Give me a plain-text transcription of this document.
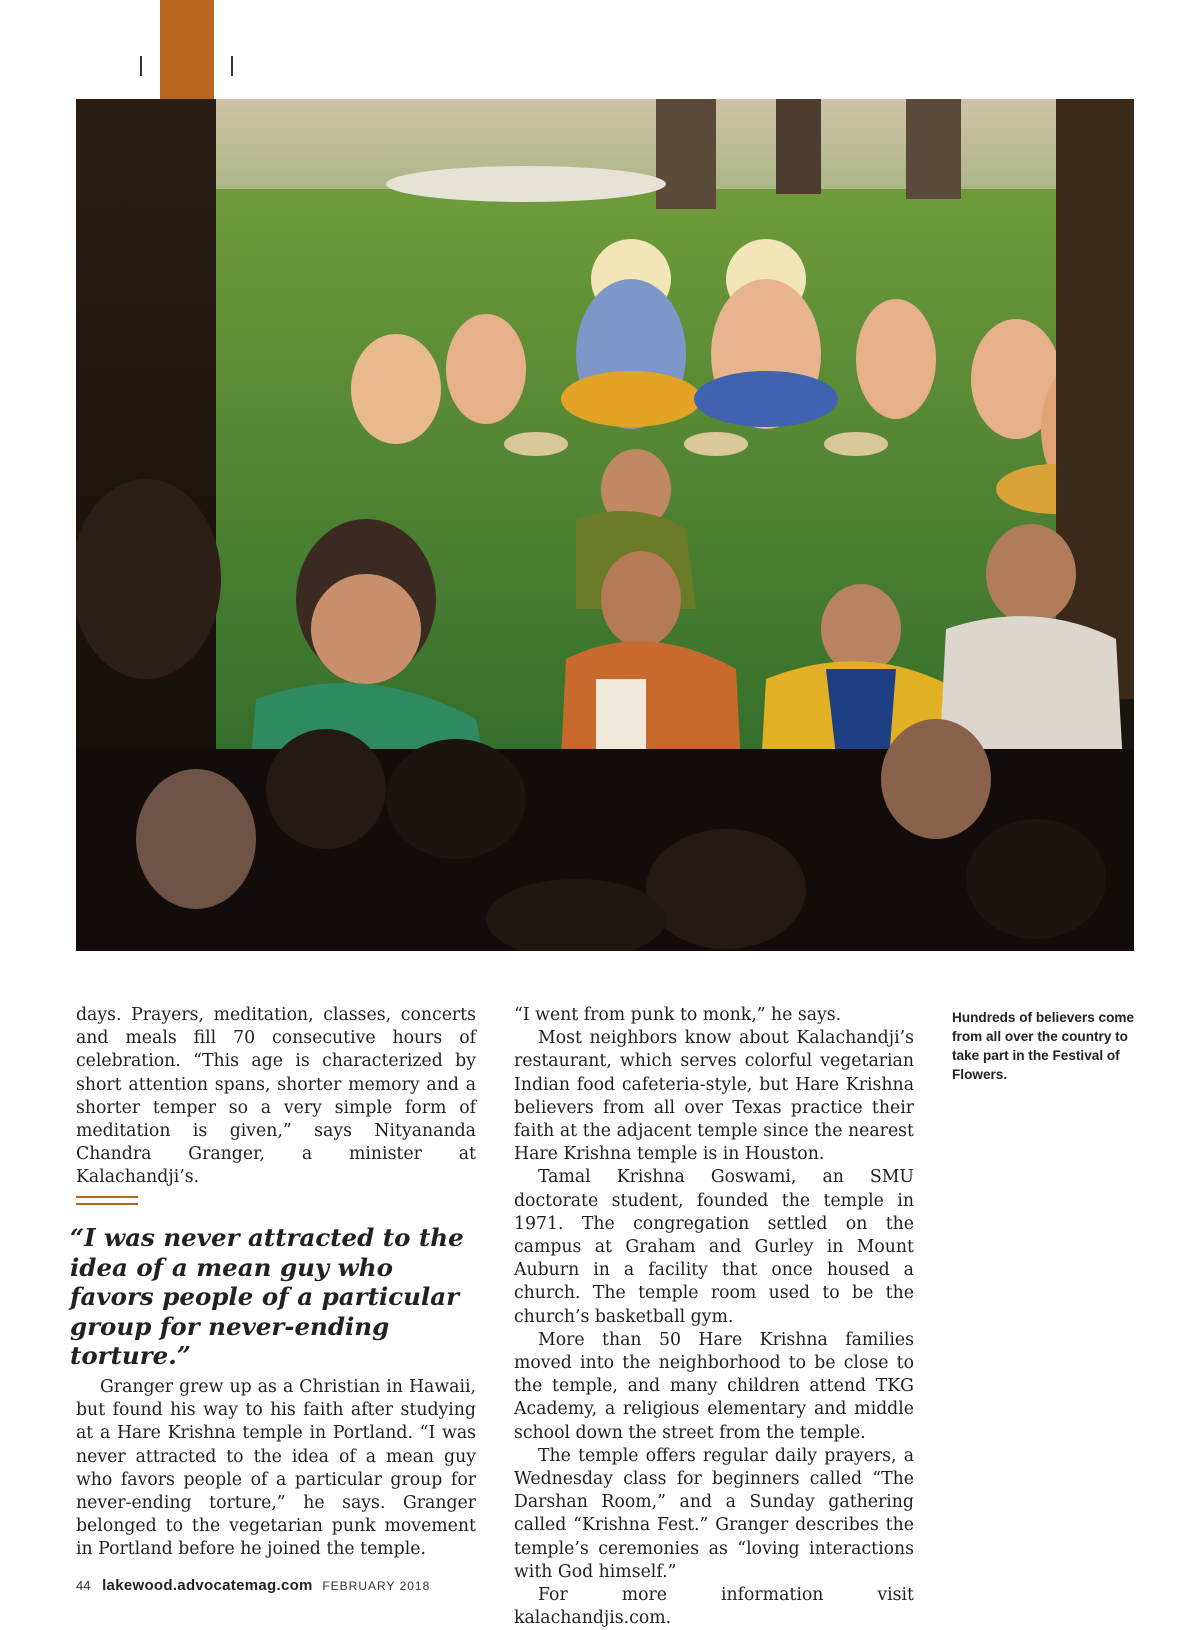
days. Prayers, meditation, classes, concerts and meals fill 70 consecutive hours of celebration. “This age is characterized by short attention spans, shorter memory and a shorter temper so a very simple form of meditation is given,” says Nityananda Chandra Granger, a minister at Kalachandji’s.

“I was never attracted to the idea of a mean guy who favors people of a particular group for never-ending torture.”

Granger grew up as a Christian in Hawaii, but found his way to his faith after studying at a Hare Krishna temple in Portland. “I was never attracted to the idea of a mean guy who favors people of a particular group for never-ending torture,” he says. Granger belonged to the vegetarian punk movement in Portland before he joined the temple.

“I went from punk to monk,” he says.

Most neighbors know about Kalachandji’s restaurant, which serves colorful vegetarian Indian food cafeteria-style, but Hare Krishna believers from all over Texas practice their faith at the adjacent temple since the nearest Hare Krishna temple is in Houston.

Tamal Krishna Goswami, an SMU doctorate student, founded the temple in 1971. The congregation settled on the campus at Graham and Gurley in Mount Auburn in a facility that once housed a church. The temple room used to be the church’s basketball gym.

More than 50 Hare Krishna families moved into the neighborhood to be close to the temple, and many children attend TKG Academy, a religious elementary and middle school down the street from the temple.

The temple offers regular daily prayers, a Wednesday class for beginners called “The Darshan Room,” and a Sunday gathering called “Krishna Fest.” Granger describes the temple’s ceremonies as “loving interactions with God himself.”

For more information visit kalachandjis.com.

Hundreds of believers come from all over the country to take part in the Festival of Flowers.
44 lakewood.advocatemag.com FEBRUARY 2018
